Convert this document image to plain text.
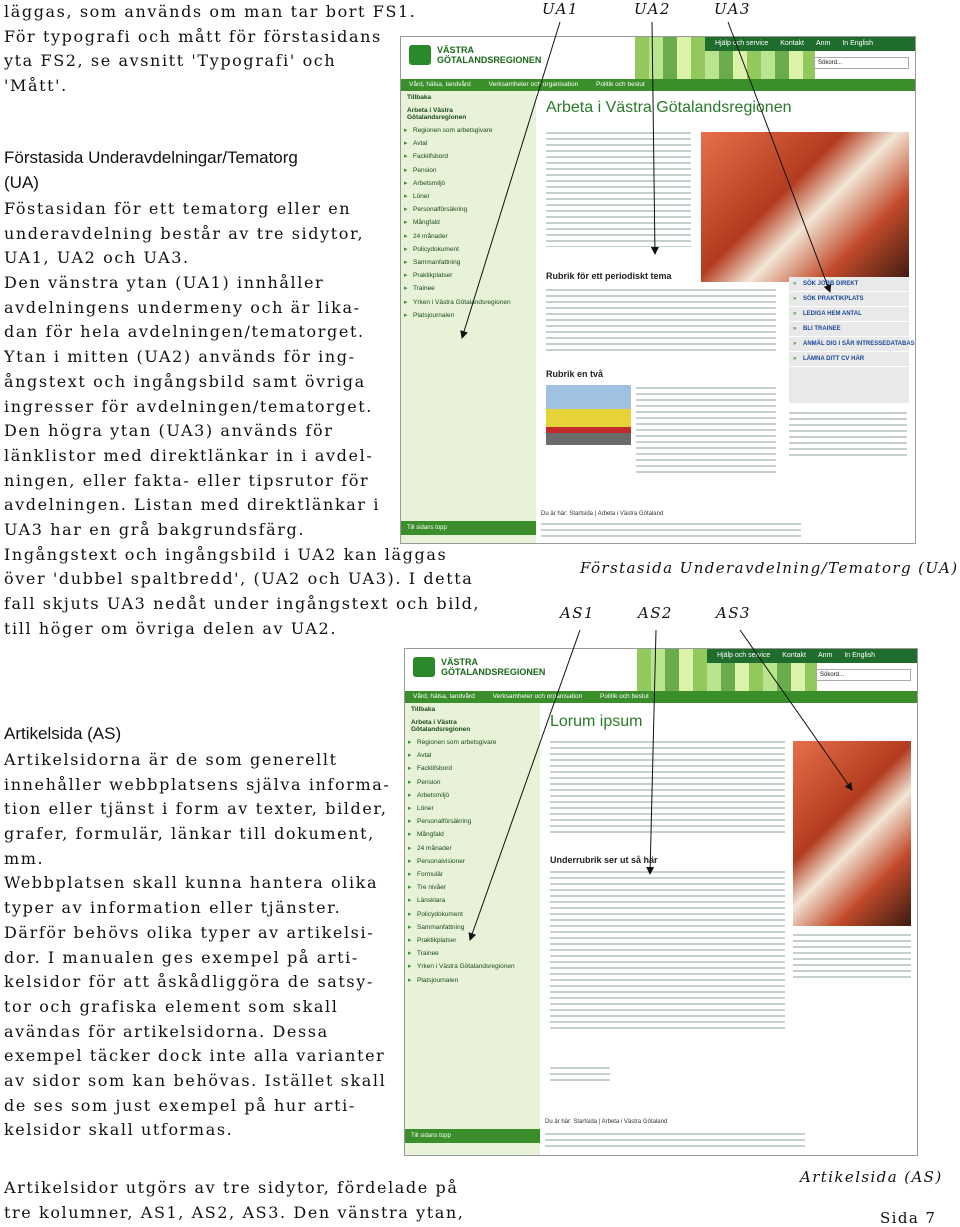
läggas, som används om man tar bort FS1.
För typografi och mått för förstasidans
yta FS2, se avsnitt 'Typografi' och
'Mått'.
Förstasida Underavdelningar/Tematorg
(UA)
Föstasidan för ett tematorg eller en
underavdelning består av tre sidytor,
UA1, UA2 och UA3.
Den vänstra ytan (UA1) innhåller
avdelningens undermeny och är lika-
dan för hela avdelningen/tematorget.
Ytan i mitten (UA2) används för ing-
ångstext och ingångsbild samt övriga
ingresser för avdelningen/tematorget.
Den högra ytan (UA3) används för
länklistor med direktlänkar in i avdel-
ningen, eller fakta- eller tipsrutor för
avdelningen. Listan med direktlänkar i
UA3 har en grå bakgrundsfärg.
Ingångstext och ingångsbild i UA2 kan läggas
över 'dubbel spaltbredd', (UA2 och UA3). I detta
fall skjuts UA3 nedåt under ingångstext och bild,
till höger om övriga delen av UA2.
Artikelsida (AS)
Artikelsidorna är de som generellt
innehåller webbplatsens själva informa-
tion eller tjänst i form av texter, bilder,
grafer, formulär, länkar till dokument,
mm.
Webbplatsen skall kunna hantera olika
typer av information eller tjänster.
Därför behövs olika typer av artikelsi-
dor. I manualen ges exempel på arti-
kelsidor för att åskådliggöra de satsy-
tor och grafiska element som skall
avändas för artikelsidorna. Dessa
exempel täcker dock inte alla varianter
av sidor som kan behövas. Istället skall
de ses som just exempel på hur arti-
kelsidor skall utformas.
Artikelsidor utgörs av tre sidytor, fördelade på
tre kolumner, AS1, AS2, AS3. Den vänstra ytan,
UA1	UA2	UA3
Förstasida Underavdelning/Tematorg (UA)
AS1	AS2	AS3
Artikelsida (AS)
Sida 7
VÄSTRA
GÖTALANDSREGIONEN
Hjälp och service Kontakt Anm In English
Sökord...
Vård, hälsa, tandvård	Verksamheter och organisation	Politik och beslut
Tillbaka
Arbeta i Västra Götalandsregionen
▸ Regionen som arbetsgivare
▸ Avtal
▸ Facklifsbord
▸ Pension
▸ Arbetsmiljö
▸ Löner
▸ Personalförsäkring
▸ Mångfald
▸ 24 månader
▸ Policydokument
▸ Sammanfattning
▸ Praktikplatser
▸ Trainee
▸ Yrken i Västra Götalandsregionen
▸ Platsjournalen
Arbeta i Västra Götalandsregionen
Rubrik för ett periodiskt tema
Rubrik en två
» SÖK JOBB DIREKT
» SÖK PRAKTIKPLATS
» LEDIGA HEM ANTAL
» BLI TRAINEE
» ANMÄL DIG I SÅR INTRESSEDATABAS
» LÄMNA DITT CV HÄR
Du är här: Startsida | Arbeta i Västra Götaland
Till sidans topp
VÄSTRA
GÖTALANDSREGIONEN
Hjälp och service Kontakt Anm In English
Sökord...
Vård, hälsa, tandvård	Verksamheter och organisation	Politik och beslut
Tillbaka
Arbeta i Västra Götalandsregionen
▸ Regionen som arbetsgivare
▸ Avtal
▸ Facklifsbord
▸ Pension
▸ Arbetsmiljö
▸ Löner
▸ Personalförsäkring
▸ Mångfald
▸ 24 månader
▸ Personalvisioner
▸ Formulär
▸ Tre nivåer
▸ Länsklara
▸ Policydokument
▸ Sammanfattning
▸ Praktikplatser
▸ Trainee
▸ Yrken i Västra Götalandsregionen
▸ Platsjournalen
Lorum ipsum
Underrubrik ser ut så här
Du är här: Startsida | Arbeta i Västra Götaland
Till sidans topp
